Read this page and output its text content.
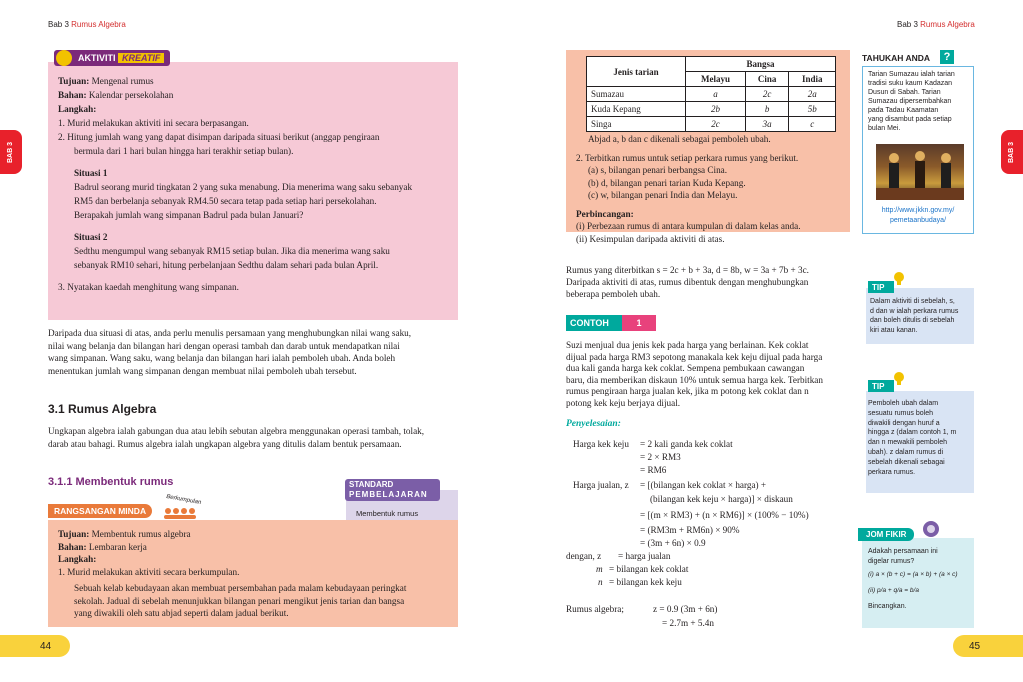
Bab 3 Rumus Algebra
BAB 3
AKTIVITI
KREATIF

Tujuan: Mengenal rumus

Bahan: Kalendar persekolahan

Langkah:

1. Murid melakukan aktiviti ini secara berpasangan.

2. Hitung jumlah wang yang dapat disimpan daripada situasi berikut (anggap pengiraan

bermula dari 1 hari bulan hingga hari terakhir setiap bulan).

Situasi 1

Badrul seorang murid tingkatan 2 yang suka menabung. Dia menerima wang saku sebanyak

RM5 dan berbelanja sebanyak RM4.50 secara tetap pada setiap hari persekolahan.

Berapakah jumlah wang simpanan Badrul pada bulan Januari?

Situasi 2

Sedthu mengumpul wang sebanyak RM15 setiap bulan. Jika dia menerima wang saku

sebanyak RM10 sehari, hitung perbelanjaan Sedthu dalam sehari pada bulan April.

3. Nyatakan kaedah menghitung wang simpanan.

Daripada dua situasi di atas, anda perlu menulis persamaan yang menghubungkan nilai wang saku,

nilai wang belanja dan bilangan hari dengan operasi tambah dan darab untuk mendapatkan nilai

wang simpanan. Wang saku, wang belanja dan bilangan hari ialah pemboleh ubah. Anda boleh

menentukan jumlah wang simpanan dengan membuat nilai pemboleh ubah tersebut.

3.1 Rumus Algebra

Ungkapan algebra ialah gabungan dua atau lebih sebutan algebra menggunakan operasi tambah, tolak,

darab atau bahagi. Rumus algebra ialah ungkapan algebra yang ditulis dalam bentuk persamaan.

3.1.1 Membentuk rumus	STANDARD
PEMBELAJARAN
Membentuk rumus
RANGSANGAN MINDA
Berkumpulan

Tujuan: Membentuk rumus algebra

Bahan: Lembaran kerja

Langkah:

1. Murid melakukan aktiviti secara berkumpulan.

Sebuah kelab kebudayaan akan membuat persembahan pada malam kebudayaan peringkat

sekolah. Jadual di sebelah menunjukkan bilangan penari mengikut jenis tarian dan bangsa

yang diwakili oleh satu abjad seperti dalam jadual berikut.

44
Bab 3 Rumus Algebra
BAB 3
Jenis tarian	Bangsa		
	Melayu	Cina	India
Sumazau	a	2c	2a
Kuda Kepang	2b	b	5b
Singa	2c	3a	c

Abjad a, b dan c dikenali sebagai pemboleh ubah.

2. Terbitkan rumus untuk setiap perkara rumus yang berikut.

(a) s, bilangan penari berbangsa Cina.

(b) d, bilangan penari tarian Kuda Kepang.

(c) w, bilangan penari India dan Melayu.

Perbincangan:

(i) Perbezaan rumus di antara kumpulan di dalam kelas anda.

(ii) Kesimpulan daripada aktiviti di atas.

Rumus yang diterbitkan s = 2c + b + 3a, d = 8b, w = 3a + 7b + 3c.

Daripada aktiviti di atas, rumus dibentuk dengan menghubungkan

beberapa pemboleh ubah.

CONTOH	1

Suzi menjual dua jenis kek pada harga yang berlainan. Kek coklat

dijual pada harga RM3 sepotong manakala kek keju dijual pada harga

dua kali ganda harga kek coklat. Sempena pembukaan cawangan

baru, dia memberikan diskaun 10% untuk semua harga kek. Terbitkan

rumus pengiraan harga jualan kek, jika m potong kek coklat dan n

potong kek keju berjaya dijual.

Penyelesaian:
Harga kek keju = 2 kali ganda kek coklat
= 2 × RM3
= RM6
Harga jualan, z = [(bilangan kek coklat × harga) +
(bilangan kek keju × harga)] × diskaun
= [(m × RM3) + (n × RM6)] × (100% − 10%)
= (RM3m + RM6n) × 90%
= (3m + 6n) × 0.9
dengan, z = harga jualan
m = bilangan kek coklat
n = bilangan kek keju
Rumus algebra;	z = 0.9 (3m + 6n)
= 2.7m + 5.4n
TAHUKAH ANDA	?
Tarian Sumazau ialah tarian
tradisi suku kaum Kadazan
Dusun di Sabah. Tarian
Sumazau dipersembahkan
pada Tadau Kaamatan
yang disambut pada setiap
bulan Mei.
http://www.jkkn.gov.my/
pemetaanbudaya/
TIP
Dalam aktiviti di sebelah, s,
d dan w ialah perkara rumus
dan boleh ditulis di sebelah
kiri atau kanan.
TIP
Pemboleh ubah dalam
sesuatu rumus boleh
diwakili dengan huruf a
hingga z (dalam contoh 1, m
dan n mewakili pemboleh
ubah). z dalam rumus di
sebelah dikenali sebagai
perkara rumus.
JOM FIKIR
Adakah persamaan ini
digelar rumus?
(i) a × (b + c) = (a × b) + (a × c)
(ii) p/a + q/a = b/a
Bincangkan.
45
